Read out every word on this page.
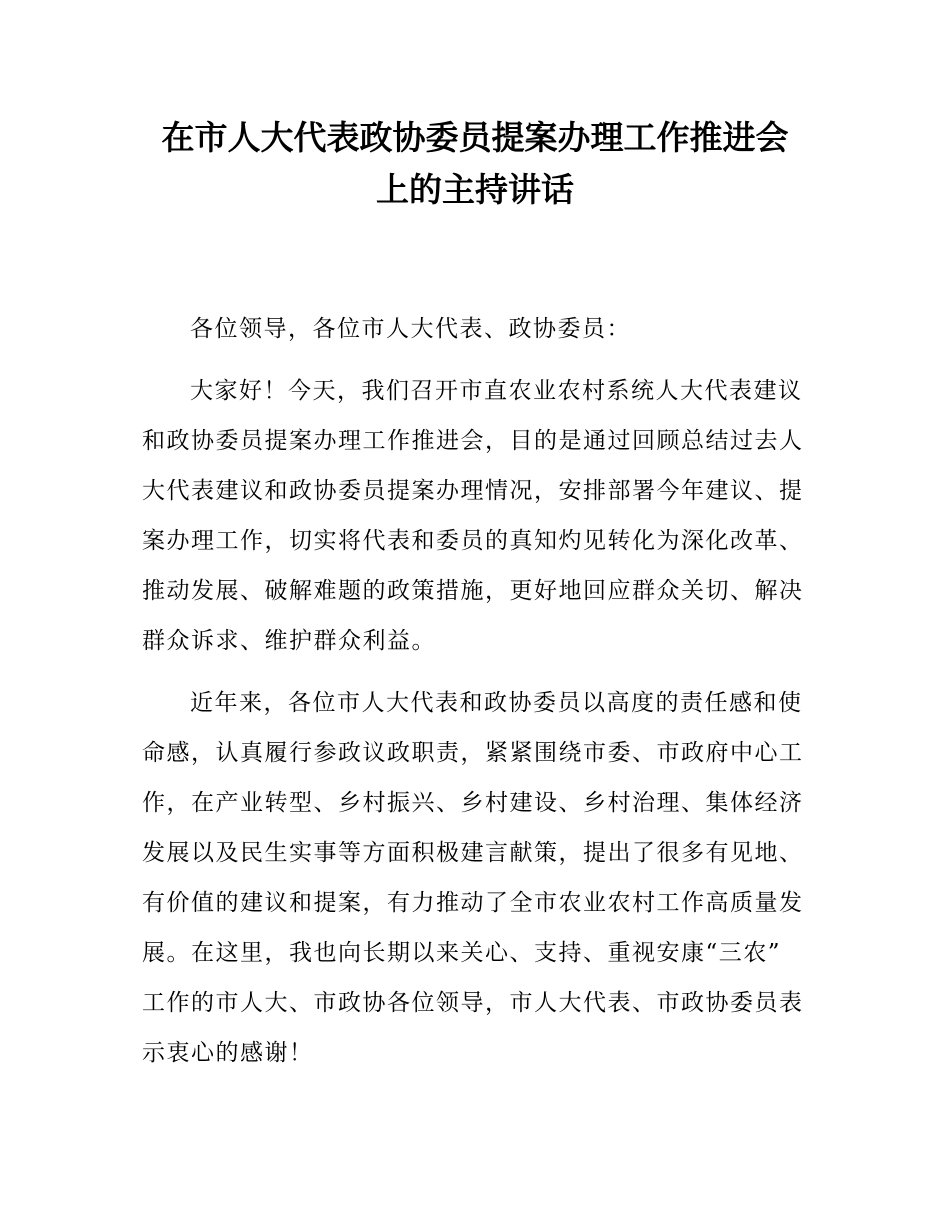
在市人大代表政协委员提案办理工作推进会
上的主持讲话

各位领导，各位市人大代表、政协委员：

大家好！今天，我们召开市直农业农村系统人大代表建议
和政协委员提案办理工作推进会，目的是通过回顾总结过去人
大代表建议和政协委员提案办理情况，安排部署今年建议、提
案办理工作，切实将代表和委员的真知灼见转化为深化改革、
推动发展、破解难题的政策措施，更好地回应群众关切、解决
群众诉求、维护群众利益。

近年来，各位市人大代表和政协委员以高度的责任感和使
命感，认真履行参政议政职责，紧紧围绕市委、市政府中心工
作，在产业转型、乡村振兴、乡村建设、乡村治理、集体经济
发展以及民生实事等方面积极建言献策，提出了很多有见地、
有价值的建议和提案，有力推动了全市农业农村工作高质量发
展。在这里，我也向长期以来关心、支持、重视安康“三农”
工作的市人大、市政协各位领导，市人大代表、市政协委员表
示衷心的感谢！
